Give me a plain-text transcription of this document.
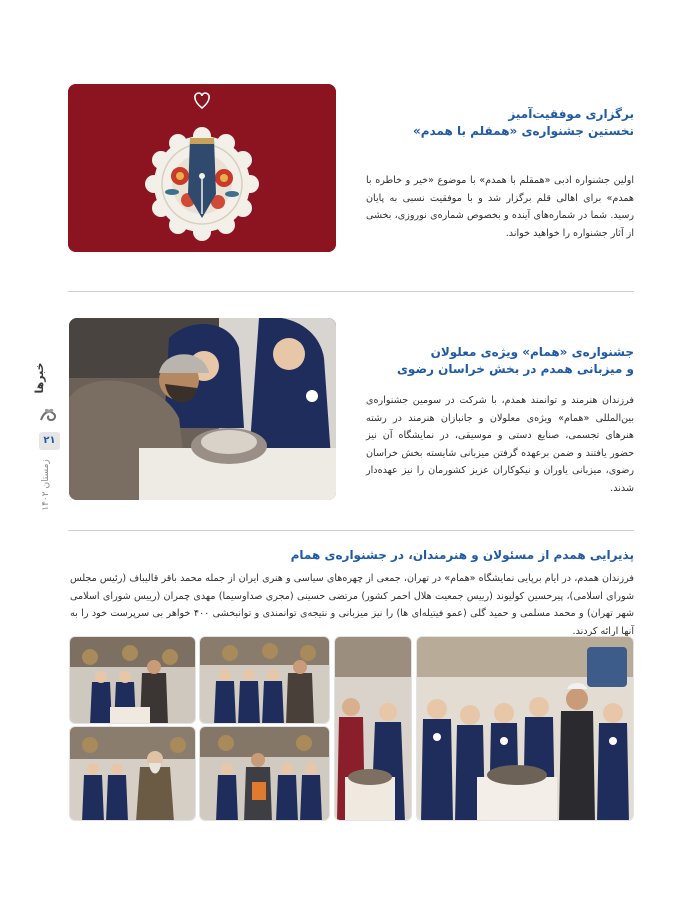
برگزاری موفقیت‌آمیز
نخستین جشنواره‌ی «همقلم با همدم»
اولین جشنواره ادبی «همقلم با همدم» با موضوع «خیر و خاطره با همدم» برای اهالی قلم برگزار شد و با موفقیت نسبی به پایان رسید. شما در شماره‌های آینده و بخصوص شماره‌ی نوروزی، بخشی از آثار جشنواره را خواهید خواند.
جشنواره‌ی «همام» ویژه‌ی معلولان
و میزبانی همدم در بخش خراسان رضوی
فرزندان هنرمند و توانمند همدم، با شرکت در سومین جشنواره‌ی بین‌المللی «همام» ویژه‌ی معلولان و جانبازان هنرمند در رشته هنرهای تجسمی، صنایع دستی و موسیقی، در نمایشگاه آن نیز حضور یافتند و ضمن برعهده گرفتن میزبانی شایسته بخش خراسان رضوی، میزبانی یاوران و نیکوکاران عزیز کشورمان را نیز عهده‌دار شدند.
پذیرایی همدم از مسئولان و هنرمندان، در جشنواره‌ی همام
فرزندان همدم، در ایام برپایی نمایشگاه «همام» در تهران، جمعی از چهره‌های سیاسی و هنری ایران از جمله محمد باقر قالیباف (رئیس مجلس شورای اسلامی)، پیرحسین کولیوند (رییس جمعیت هلال احمر کشور) مرتضی حسینی (مجری صداوسیما) مهدی چمران (رییس شورای اسلامی شهر تهران) و محمد مسلمی و حمید گلی (عمو فیتیله‌ای ها) را نیز میزبانی و نتیجه‌ی توانمندی و توانبخشی ۴۰۰ خواهر بی سرپرست خود را به آنها ارائه کردند.
خبرها
۲۱
زمستان ۱۴۰۲
